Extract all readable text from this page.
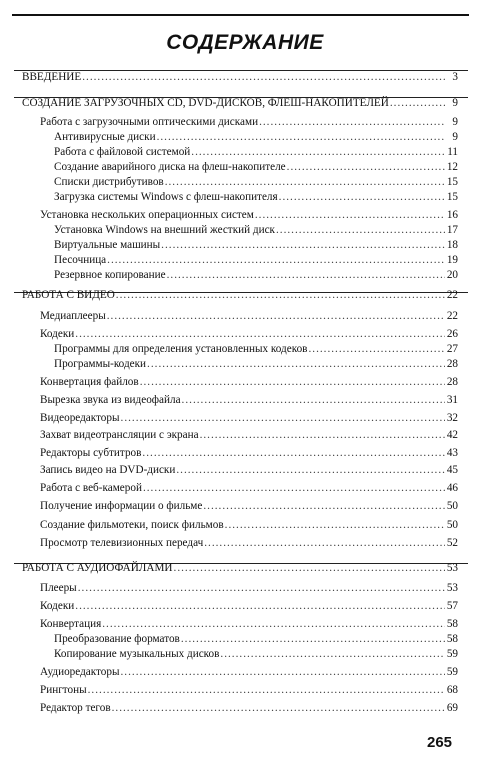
СОДЕРЖАНИЕ
ВВЕДЕНИЕ .....	3
СОЗДАНИЕ ЗАГРУЗОЧНЫХ CD, DVD-ДИСКОВ, ФЛЕШ-НАКОПИТЕЛЕЙ .....	9
Работа с загрузочными оптическими дисками .....	9
Антивирусные диски .....	9
Работа с файловой системой .....	11
Создание аварийного диска на флеш-накопителе .....	12
Списки дистрибутивов .....	15
Загрузка системы Windows с флеш-накопителя .....	15
Установка нескольких операционных систем .....	16
Установка Windows на внешний жесткий диск .....	17
Виртуальные машины .....	18
Песочница .....	19
Резервное копирование .....	20
РАБОТА С ВИДЕО .....	22
Медиаплееры .....	22
Кодеки .....	26
Программы для определения установленных кодеков .....	27
Программы-кодеки .....	28
Конвертация файлов .....	28
Вырезка звука из видеофайла .....	31
Видеоредакторы .....	32
Захват видеотрансляции с экрана .....	42
Редакторы субтитров .....	43
Запись видео на DVD-диски .....	45
Работа с веб-камерой .....	46
Получение информации о фильме .....	50
Создание фильмотеки, поиск фильмов .....	50
Просмотр телевизионных передач .....	52
РАБОТА С АУДИОФАЙЛАМИ .....	53
Плееры .....	53
Кодеки .....	57
Конвертация .....	58
Преобразование форматов .....	58
Копирование музыкальных дисков .....	59
Аудиоредакторы .....	59
Рингтоны .....	68
Редактор тегов .....	69
265
